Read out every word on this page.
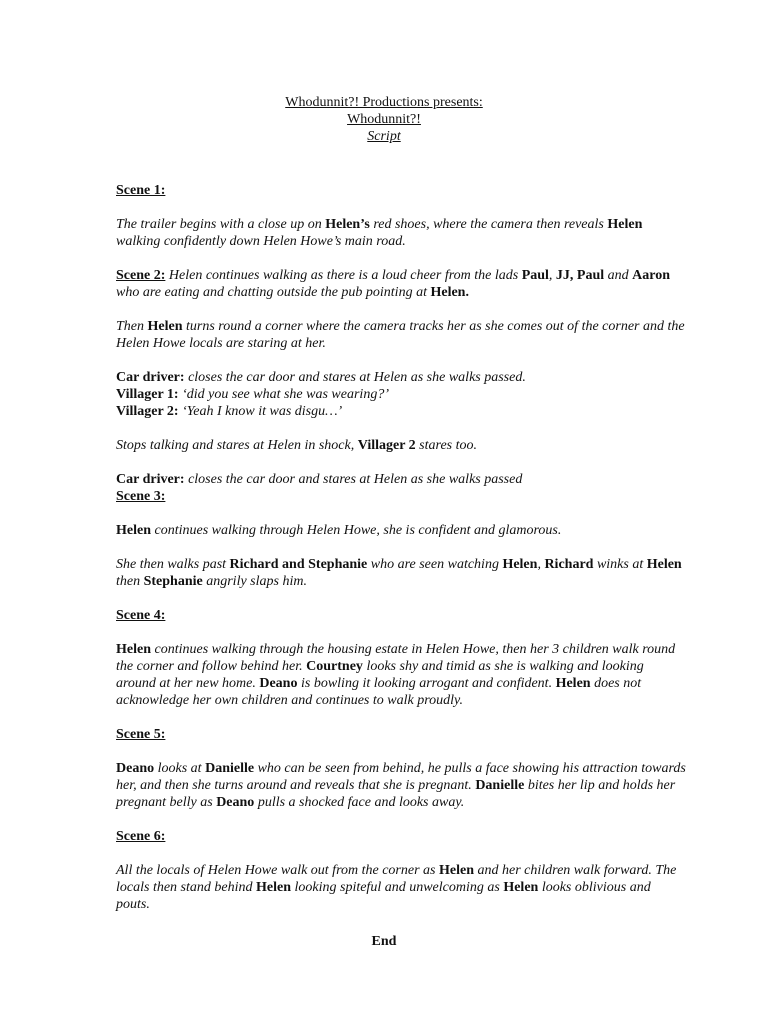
Whodunnit?! Productions presents:
Whodunnit?!
Script

Scene 1:

The trailer begins with a close up on Helen’s red shoes, where the camera then reveals Helen walking confidently down Helen Howe’s main road.

Scene 2: Helen continues walking as there is a loud cheer from the lads Paul, JJ, Paul and Aaron who are eating and chatting outside the pub pointing at Helen.

Then Helen turns round a corner where the camera tracks her as she comes out of the corner and the Helen Howe locals are staring at her.

Car driver: closes the car door and stares at Helen as she walks passed.

Villager 1: ‘did you see what she was wearing?’

Villager 2: ‘Yeah I know it was disgu…’

Stops talking and stares at Helen in shock, Villager 2 stares too.

Car driver: closes the car door and stares at Helen as she walks passed

Scene 3:

Helen continues walking through Helen Howe, she is confident and glamorous.

She then walks past Richard and Stephanie who are seen watching Helen, Richard winks at Helen then Stephanie angrily slaps him.

Scene 4:

Helen continues walking through the housing estate in Helen Howe, then her 3 children walk round the corner and follow behind her. Courtney looks shy and timid as she is walking and looking around at her new home. Deano is bowling it looking arrogant and confident. Helen does not acknowledge her own children and continues to walk proudly.

Scene 5:

Deano looks at Danielle who can be seen from behind, he pulls a face showing his attraction towards her, and then she turns around and reveals that she is pregnant. Danielle bites her lip and holds her pregnant belly as Deano pulls a shocked face and looks away.

Scene 6:

All the locals of Helen Howe walk out from the corner as Helen and her children walk forward. The locals then stand behind Helen looking spiteful and unwelcoming as Helen looks oblivious and pouts.

End
